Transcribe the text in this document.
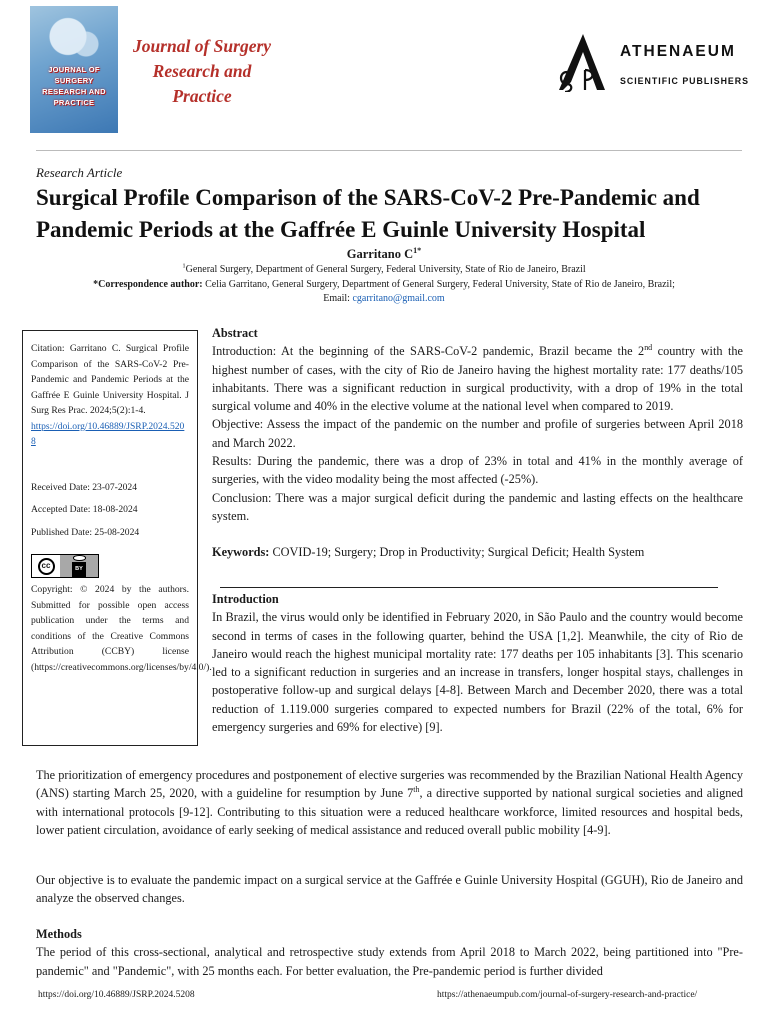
JOURNAL OF SURGERY RESEARCH AND PRACTICE
Journal of Surgery
Research and
Practice
ATHENAEUM
SCIENTIFIC PUBLISHERS
Research Article
Surgical Profile Comparison of the SARS-CoV-2 Pre-Pandemic and Pandemic Periods at the Gaffrée E Guinle University Hospital
Garritano $C^{1*}$
$^1$General Surgery, Department of General Surgery, Federal University, State of Rio de Janeiro, Brazil
*Correspondence author: Celia Garritano, General Surgery, Department of General Surgery, Federal University, State of Rio de Janeiro, Brazil;
Email: cgarritano@gmail.com
Citation: Garritano C. Surgical Profile Comparison of the SARS-CoV-2 Pre-Pandemic and Pandemic Periods at the Gaffrée E Guinle University Hospital. J Surg Res Prac. 2024;5(2):1-4.
https://doi.org/10.46889/JSRP.2024.5208
Received Date: 23-07-2024
Accepted Date: 18-08-2024
Published Date: 25-08-2024
cc	BY
Copyright: © 2024 by the authors. Submitted for possible open access publication under the terms and conditions of the Creative Commons Attribution (CCBY) license (https://creativecommons.org/licenses/by/4.0/).

Abstract

Introduction: At the beginning of the SARS-CoV-2 pandemic, Brazil became the 2nd country with the highest number of cases, with the city of Rio de Janeiro having the highest mortality rate: 177 deaths/105 inhabitants. There was a significant reduction in surgical productivity, with a drop of 19% in the total surgical volume and 40% in the elective volume at the national level when compared to 2019.

Objective: Assess the impact of the pandemic on the number and profile of surgeries between April 2018 and March 2022.

Results: During the pandemic, there was a drop of 23% in total and 41% in the monthly average of surgeries, with the video modality being the most affected (-25%).

Conclusion: There was a major surgical deficit during the pandemic and lasting effects on the healthcare system.

Keywords: COVID-19; Surgery; Drop in Productivity; Surgical Deficit; Health System

Introduction

In Brazil, the virus would only be identified in February 2020, in São Paulo and the country would become second in terms of cases in the following quarter, behind the USA [1,2]. Meanwhile, the city of Rio de Janeiro would reach the highest municipal mortality rate: 177 deaths per 105 inhabitants [3]. This scenario led to a significant reduction in surgeries and an increase in transfers, longer hospital stays, challenges in postoperative follow-up and surgical delays [4-8]. Between March and December 2020, there was a total reduction of 1.119.000 surgeries compared to expected numbers for Brazil (22% of the total, 6% for emergency surgeries and 69% for elective) [9].

The prioritization of emergency procedures and postponement of elective surgeries was recommended by the Brazilian National Health Agency (ANS) starting March 25, 2020, with a guideline for resumption by June 7th, a directive supported by national surgical societies and aligned with international protocols [9-12]. Contributing to this situation were a reduced healthcare workforce, limited resources and hospital beds, lower patient circulation, avoidance of early seeking of medical assistance and reduced overall public mobility [4-9].

Our objective is to evaluate the pandemic impact on a surgical service at the Gaffrée e Guinle University Hospital (GGUH), Rio de Janeiro and analyze the observed changes.

Methods

The period of this cross-sectional, analytical and retrospective study extends from April 2018 to March 2022, being partitioned into "Pre-pandemic" and "Pandemic", with 25 months each. For better evaluation, the Pre-pandemic period is further divided

https://doi.org/10.46889/JSRP.2024.5208	https://athenaeumpub.com/journal-of-surgery-research-and-practice/
